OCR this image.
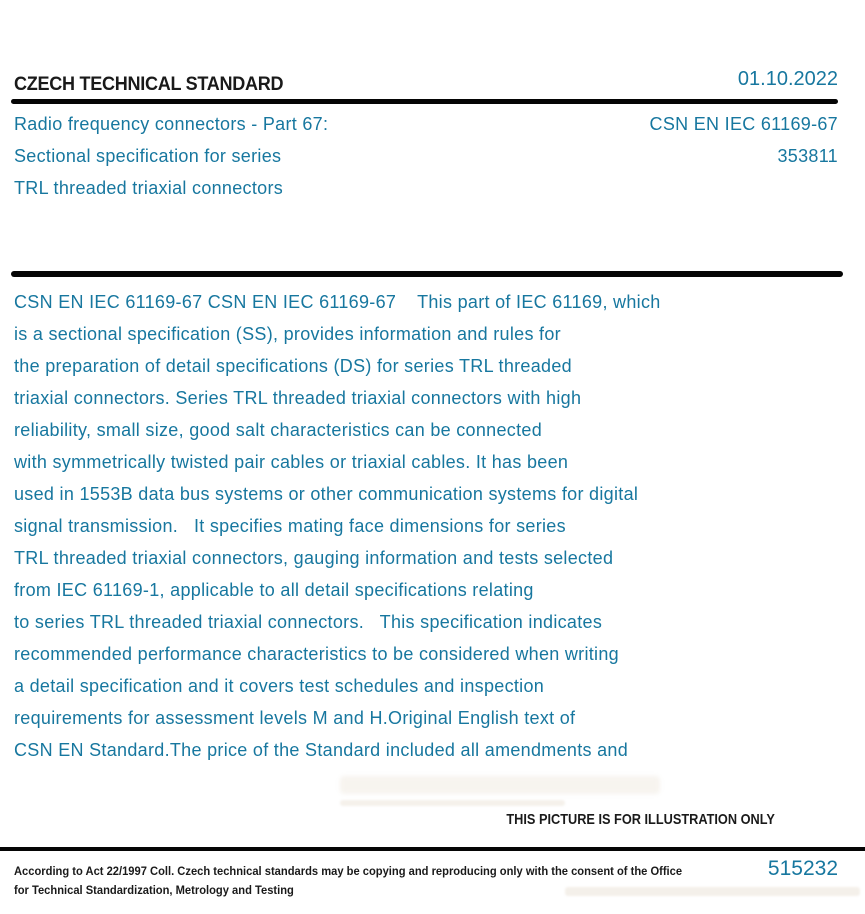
CZECH TECHNICAL STANDARD	01.10.2022
Radio frequency connectors - Part 67:
Sectional specification for series
TRL threaded triaxial connectors
CSN EN IEC 61169-67
353811
CSN EN IEC 61169-67 CSN EN IEC 61169-67    This part of IEC 61169, which
is a sectional specification (SS), provides information and rules for
the preparation of detail specifications (DS) for series TRL threaded
triaxial connectors. Series TRL threaded triaxial connectors with high
reliability, small size, good salt characteristics can be connected
with symmetrically twisted pair cables or triaxial cables. It has been
used in 1553B data bus systems or other communication systems for digital
signal transmission.   It specifies mating face dimensions for series
TRL threaded triaxial connectors, gauging information and tests selected
from IEC 61169-1, applicable to all detail specifications relating
to series TRL threaded triaxial connectors.   This specification indicates
recommended performance characteristics to be considered when writing
a detail specification and it covers test schedules and inspection
requirements for assessment levels M and H.Original English text of
CSN EN Standard.The price of the Standard included all amendments and
THIS PICTURE IS FOR ILLUSTRATION ONLY
According to Act 22/1997 Coll. Czech technical standards may be copying and reproducing only with the consent of the Office
for Technical Standardization, Metrology and Testing
515232
